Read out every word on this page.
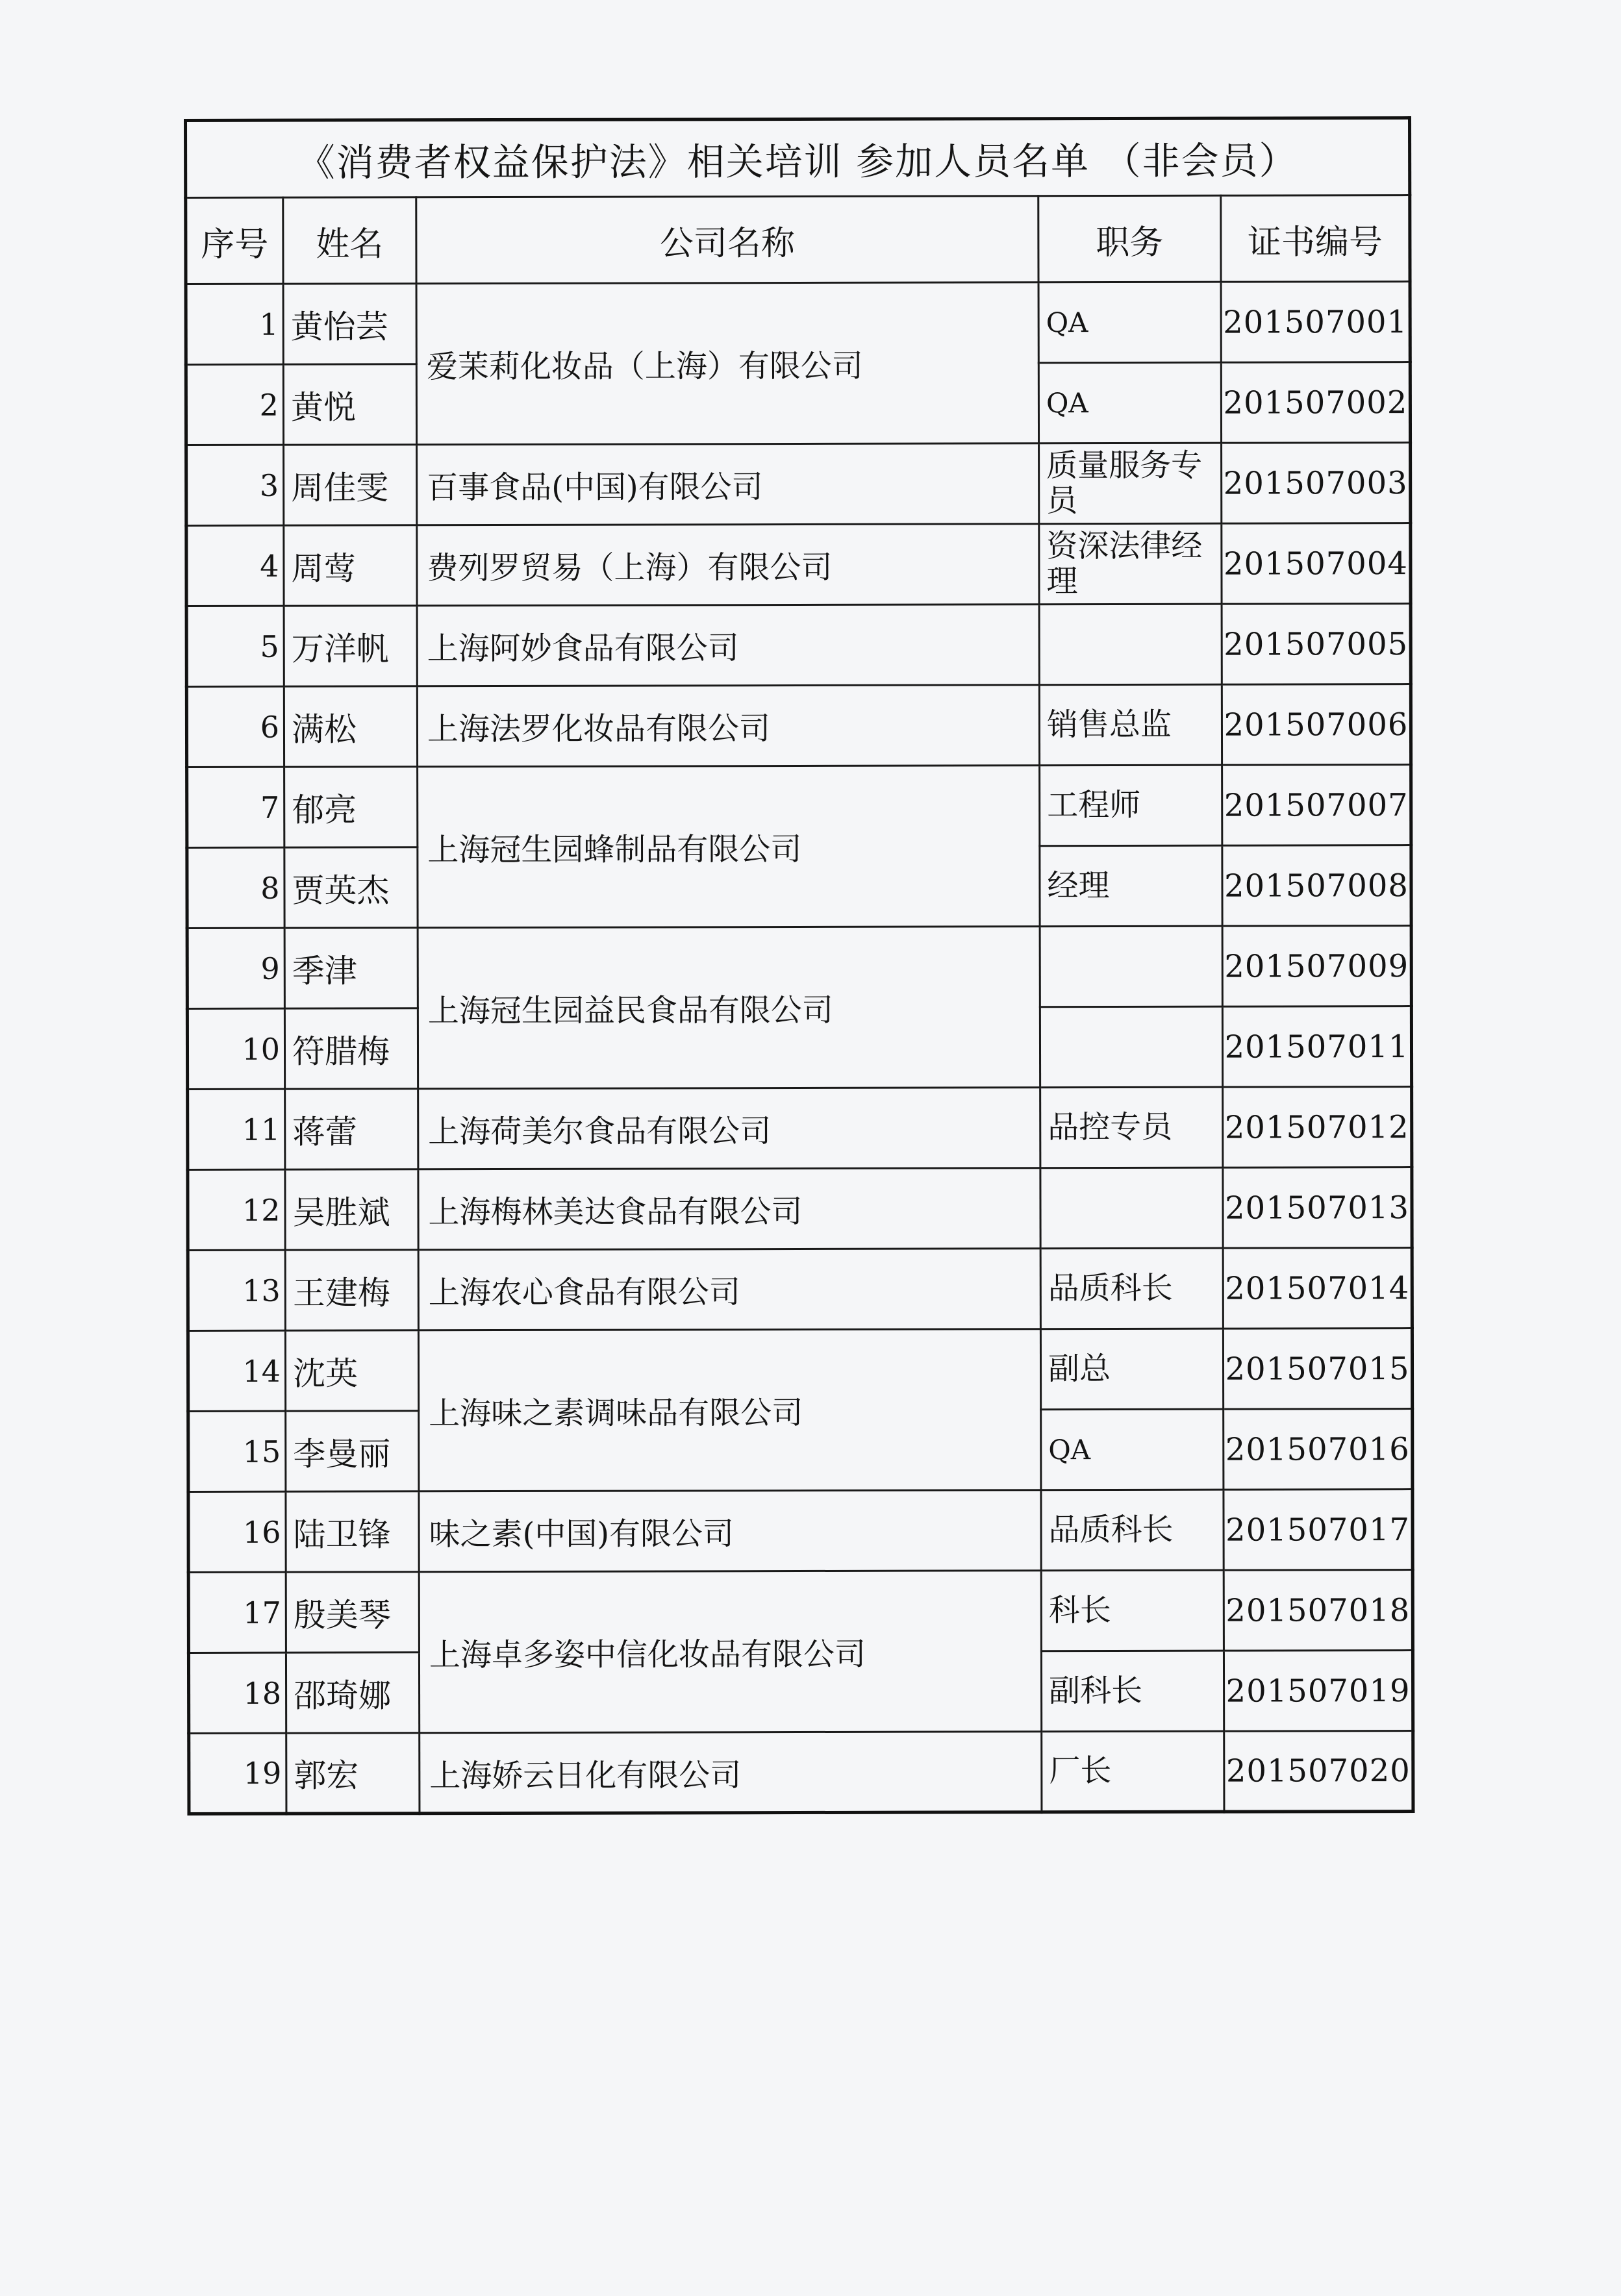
《消费者权益保护法》相关培训 参加人员名单 （非会员）				
序号	姓名	公司名称	职务	证书编号
1	黄怡芸	爱茉莉化妆品（上海）有限公司	QA	201507001
2	黄悦		QA	201507002
3	周佳雯	百事食品(中国)有限公司	质量服务专员	201507003
4	周莺	费列罗贸易（上海）有限公司	资深法律经理	201507004
5	万洋帆	上海阿妙食品有限公司		201507005
6	满松	上海法罗化妆品有限公司	销售总监	201507006
7	郁亮	上海冠生园蜂制品有限公司	工程师	201507007
8	贾英杰		经理	201507008
9	季津	上海冠生园益民食品有限公司		201507009
10	符腊梅			201507011
11	蒋蕾	上海荷美尔食品有限公司	品控专员	201507012
12	吴胜斌	上海梅林美达食品有限公司		201507013
13	王建梅	上海农心食品有限公司	品质科长	201507014
14	沈英	上海味之素调味品有限公司	副总	201507015
15	李曼丽		QA	201507016
16	陆卫锋	味之素(中国)有限公司	品质科长	201507017
17	殷美琴	上海卓多姿中信化妆品有限公司	科长	201507018
18	邵琦娜		副科长	201507019
19	郭宏	上海娇云日化有限公司	厂长	201507020
